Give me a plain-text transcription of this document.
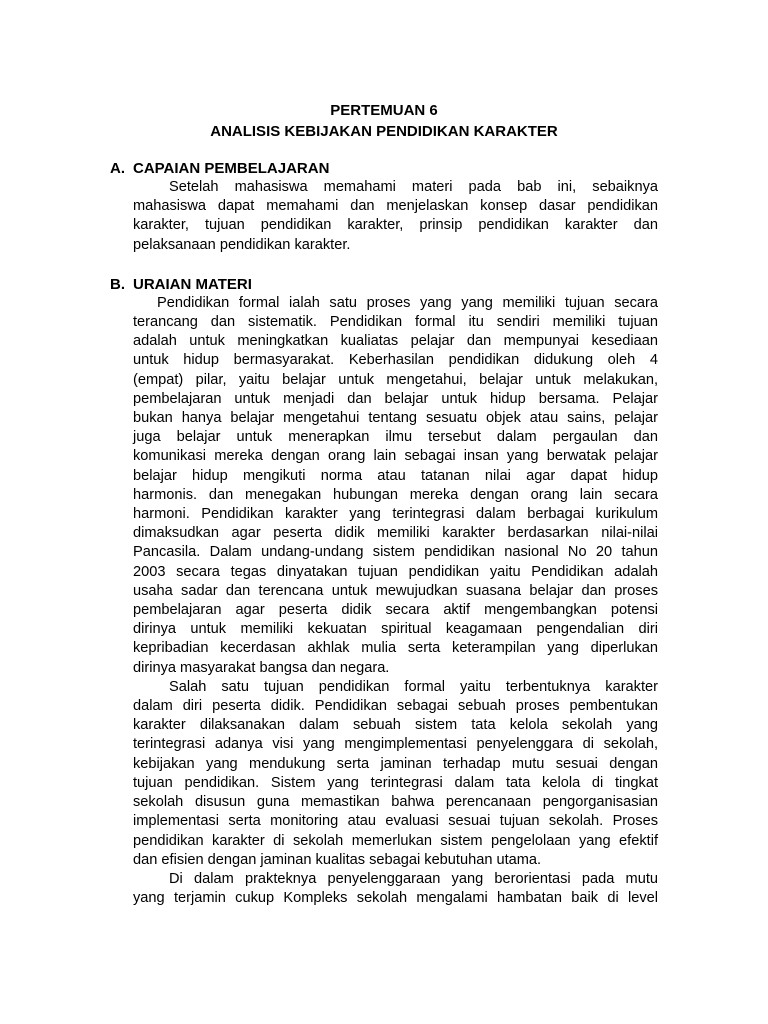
PERTEMUAN 6

ANALISIS KEBIJAKAN PENDIDIKAN KARAKTER

A. CAPAIAN PEMBELAJARAN
Setelah mahasiswa memahami materi pada bab ini, sebaiknya
mahasiswa dapat memahami dan menjelaskan konsep dasar pendidikan
karakter, tujuan pendidikan karakter, prinsip pendidikan karakter dan
pelaksanaan pendidikan karakter.
B. URAIAN MATERI
Pendidikan formal ialah satu proses yang yang memiliki tujuan secara
terancang dan sistematik. Pendidikan formal itu sendiri memiliki tujuan
adalah untuk meningkatkan kualiatas pelajar dan mempunyai kesediaan
untuk hidup bermasyarakat. Keberhasilan pendidikan didukung oleh 4
(empat) pilar, yaitu belajar untuk mengetahui, belajar untuk melakukan,
pembelajaran untuk menjadi dan belajar untuk hidup bersama. Pelajar
bukan hanya belajar mengetahui tentang sesuatu objek atau sains, pelajar
juga belajar untuk menerapkan ilmu tersebut dalam pergaulan dan
komunikasi mereka dengan orang lain sebagai insan yang berwatak pelajar
belajar hidup mengikuti norma atau tatanan nilai agar dapat hidup
harmonis. dan menegakan hubungan mereka dengan orang lain secara
harmoni. Pendidikan karakter yang terintegrasi dalam berbagai kurikulum
dimaksudkan agar peserta didik memiliki karakter berdasarkan nilai-nilai
Pancasila. Dalam undang-undang sistem pendidikan nasional No 20 tahun
2003 secara tegas dinyatakan tujuan pendidikan yaitu Pendidikan adalah
usaha sadar dan terencana untuk mewujudkan suasana belajar dan proses
pembelajaran agar peserta didik secara aktif mengembangkan potensi
dirinya untuk memiliki kekuatan spiritual keagamaan pengendalian diri
kepribadian kecerdasan akhlak mulia serta keterampilan yang diperlukan
dirinya masyarakat bangsa dan negara.
Salah satu tujuan pendidikan formal yaitu terbentuknya karakter
dalam diri peserta didik. Pendidikan sebagai sebuah proses pembentukan
karakter dilaksanakan dalam sebuah sistem tata kelola sekolah yang
terintegrasi adanya visi yang mengimplementasi penyelenggara di sekolah,
kebijakan yang mendukung serta jaminan terhadap mutu sesuai dengan
tujuan pendidikan. Sistem yang terintegrasi dalam tata kelola di tingkat
sekolah disusun guna memastikan bahwa perencanaan pengorganisasian
implementasi serta monitoring atau evaluasi sesuai tujuan sekolah. Proses
pendidikan karakter di sekolah memerlukan sistem pengelolaan yang efektif
dan efisien dengan jaminan kualitas sebagai kebutuhan utama.
Di dalam prakteknya penyelenggaraan yang berorientasi pada mutu
yang terjamin cukup Kompleks sekolah mengalami hambatan baik di level
